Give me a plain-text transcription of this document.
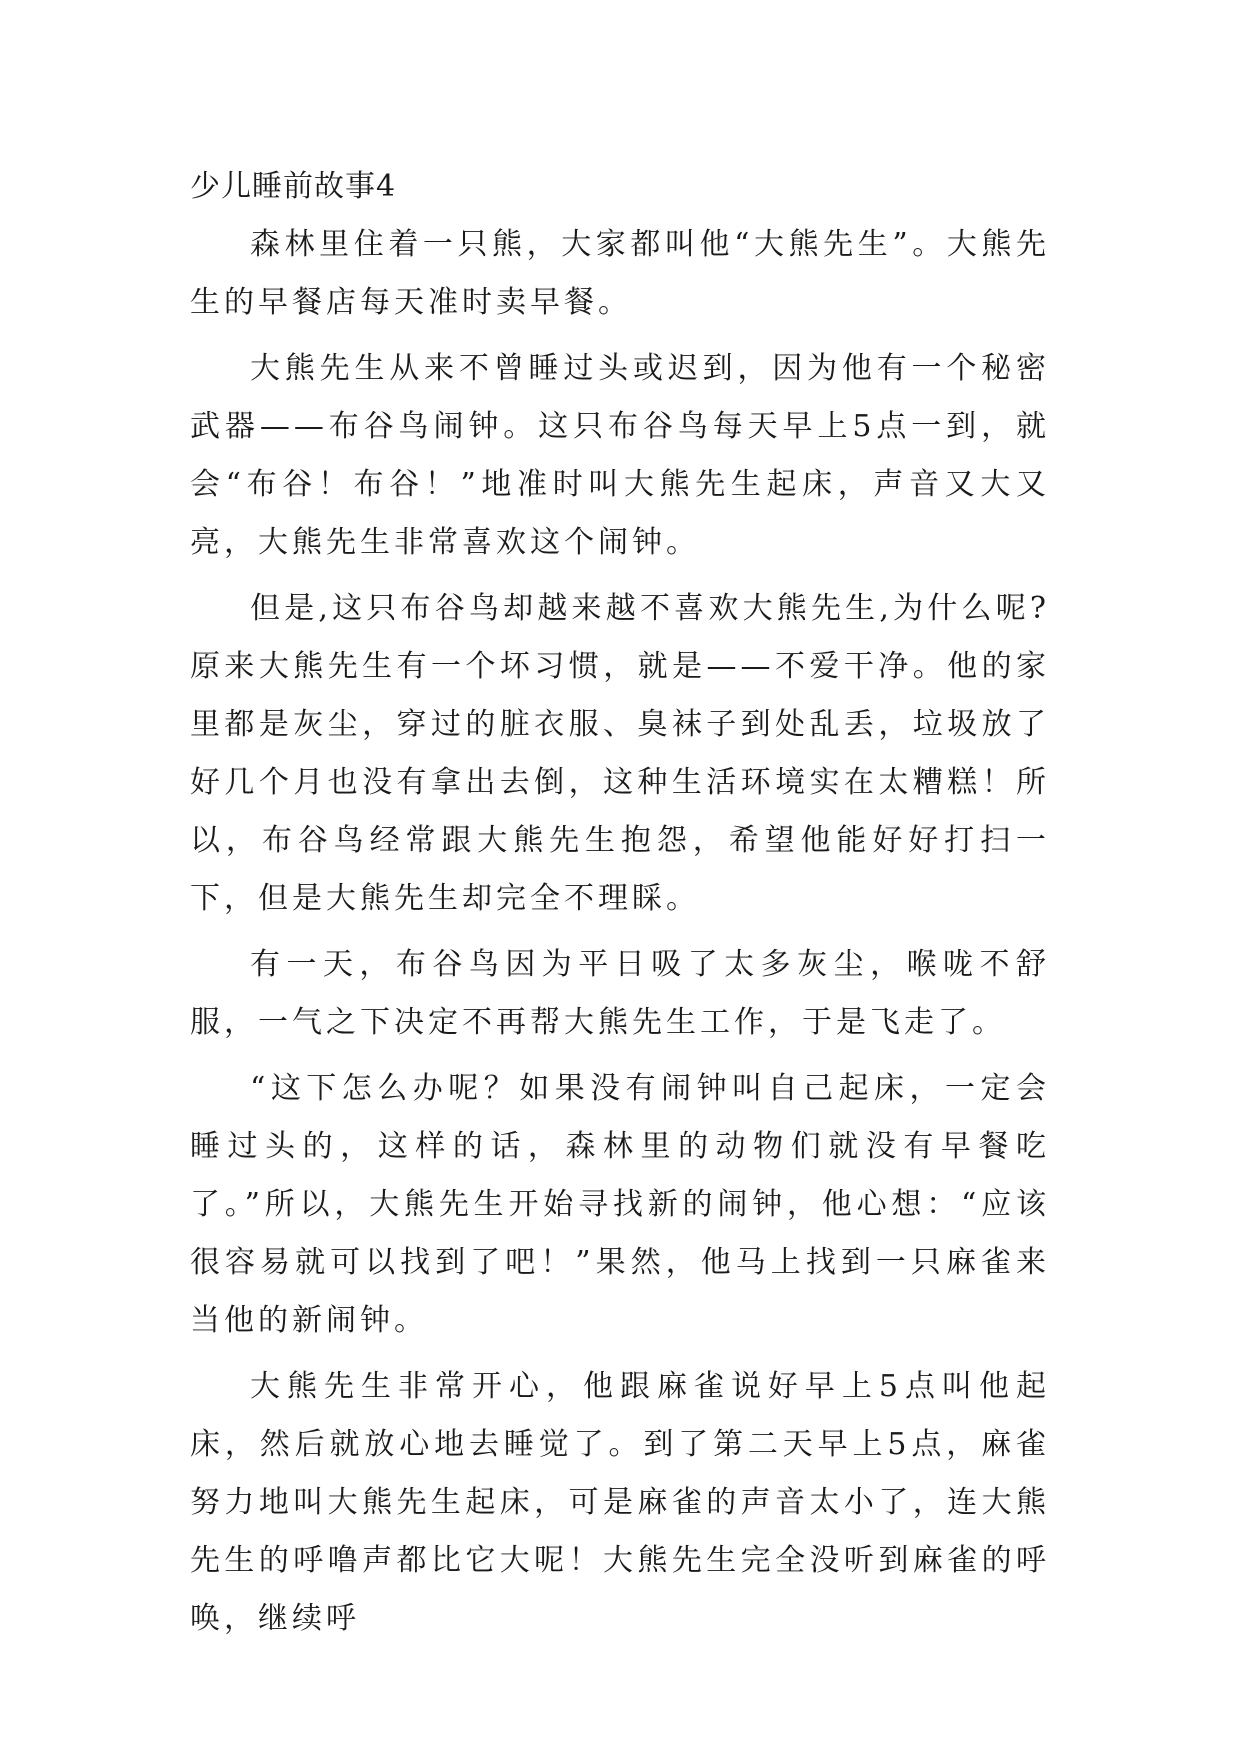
少儿睡前故事4

森林里住着一只熊，大家都叫他“大熊先生”。大熊先生的早餐店每天准时卖早餐。

大熊先生从来不曾睡过头或迟到，因为他有一个秘密武器——布谷鸟闹钟。这只布谷鸟每天早上5点一到，就会“布谷！布谷！”地准时叫大熊先生起床，声音又大又亮，大熊先生非常喜欢这个闹钟。

但是,这只布谷鸟却越来越不喜欢大熊先生,为什么呢?原来大熊先生有一个坏习惯，就是——不爱干净。他的家里都是灰尘，穿过的脏衣服、臭袜子到处乱丢，垃圾放了好几个月也没有拿出去倒，这种生活环境实在太糟糕！所以，布谷鸟经常跟大熊先生抱怨，希望他能好好打扫一下，但是大熊先生却完全不理睬。

有一天，布谷鸟因为平日吸了太多灰尘，喉咙不舒服，一气之下决定不再帮大熊先生工作，于是飞走了。

“这下怎么办呢？如果没有闹钟叫自己起床，一定会睡过头的，这样的话，森林里的动物们就没有早餐吃了。”所以，大熊先生开始寻找新的闹钟，他心想：“应该很容易就可以找到了吧！”果然，他马上找到一只麻雀来当他的新闹钟。

大熊先生非常开心，他跟麻雀说好早上5点叫他起床，然后就放心地去睡觉了。到了第二天早上5点，麻雀努力地叫大熊先生起床，可是麻雀的声音太小了，连大熊先生的呼噜声都比它大呢！大熊先生完全没听到麻雀的呼唤，继续呼
